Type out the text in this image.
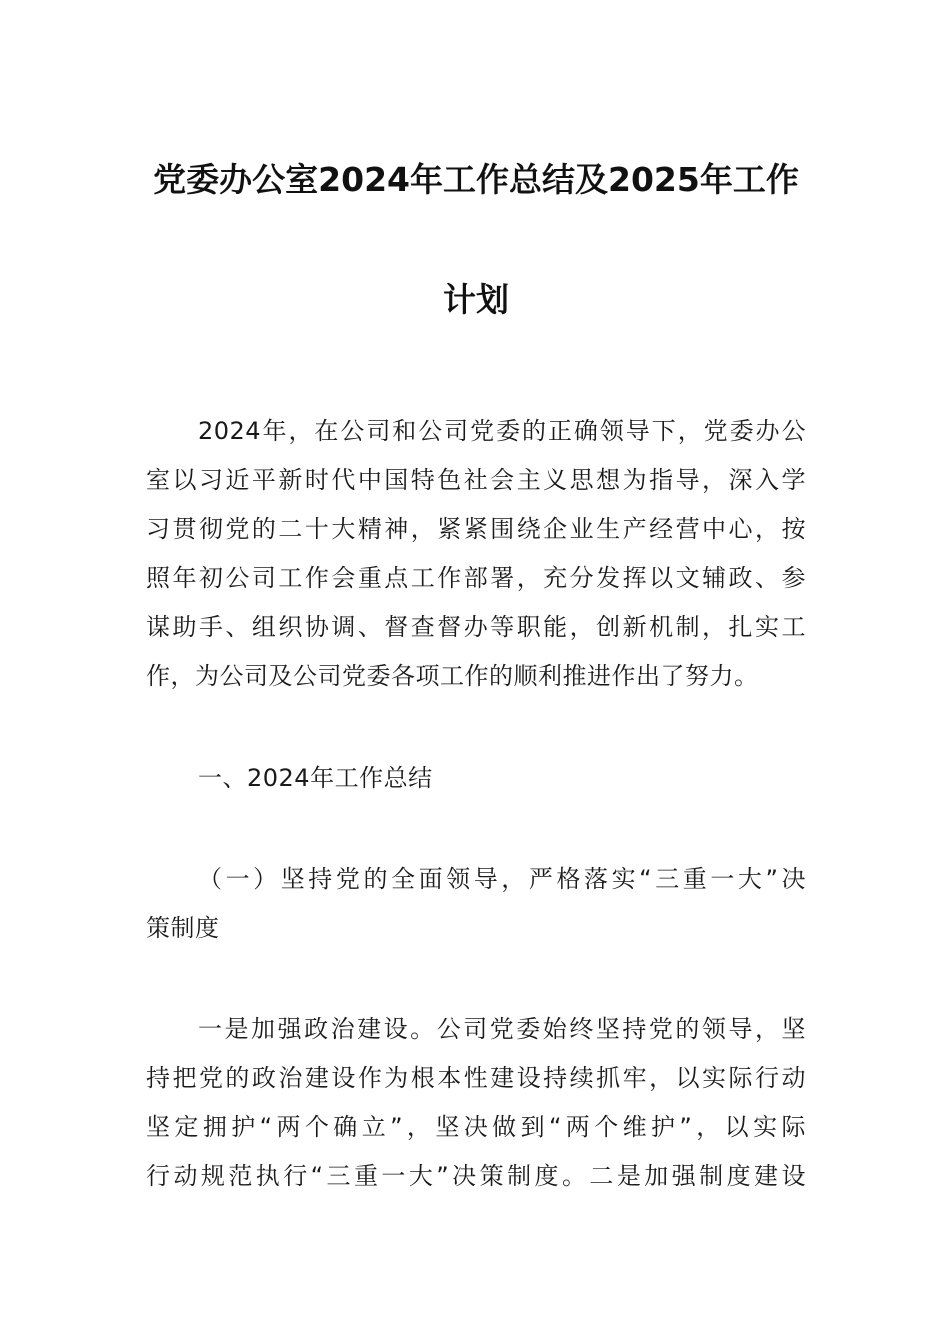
党委办公室2024年工作总结及2025年工作
计划
2024年，在公司和公司党委的正确领导下，党委办公
室以习近平新时代中国特色社会主义思想为指导，深入学
习贯彻党的二十大精神，紧紧围绕企业生产经营中心，按
照年初公司工作会重点工作部署，充分发挥以文辅政、参
谋助手、组织协调、督查督办等职能，创新机制，扎实工
作，为公司及公司党委各项工作的顺利推进作出了努力。
一、2024年工作总结
（一）坚持党的全面领导，严格落实“三重一大”决
策制度
一是加强政治建设。公司党委始终坚持党的领导，坚
持把党的政治建设作为根本性建设持续抓牢，以实际行动
坚定拥护“两个确立”，坚决做到“两个维护”，以实际
行动规范执行“三重一大”决策制度。二是加强制度建设
